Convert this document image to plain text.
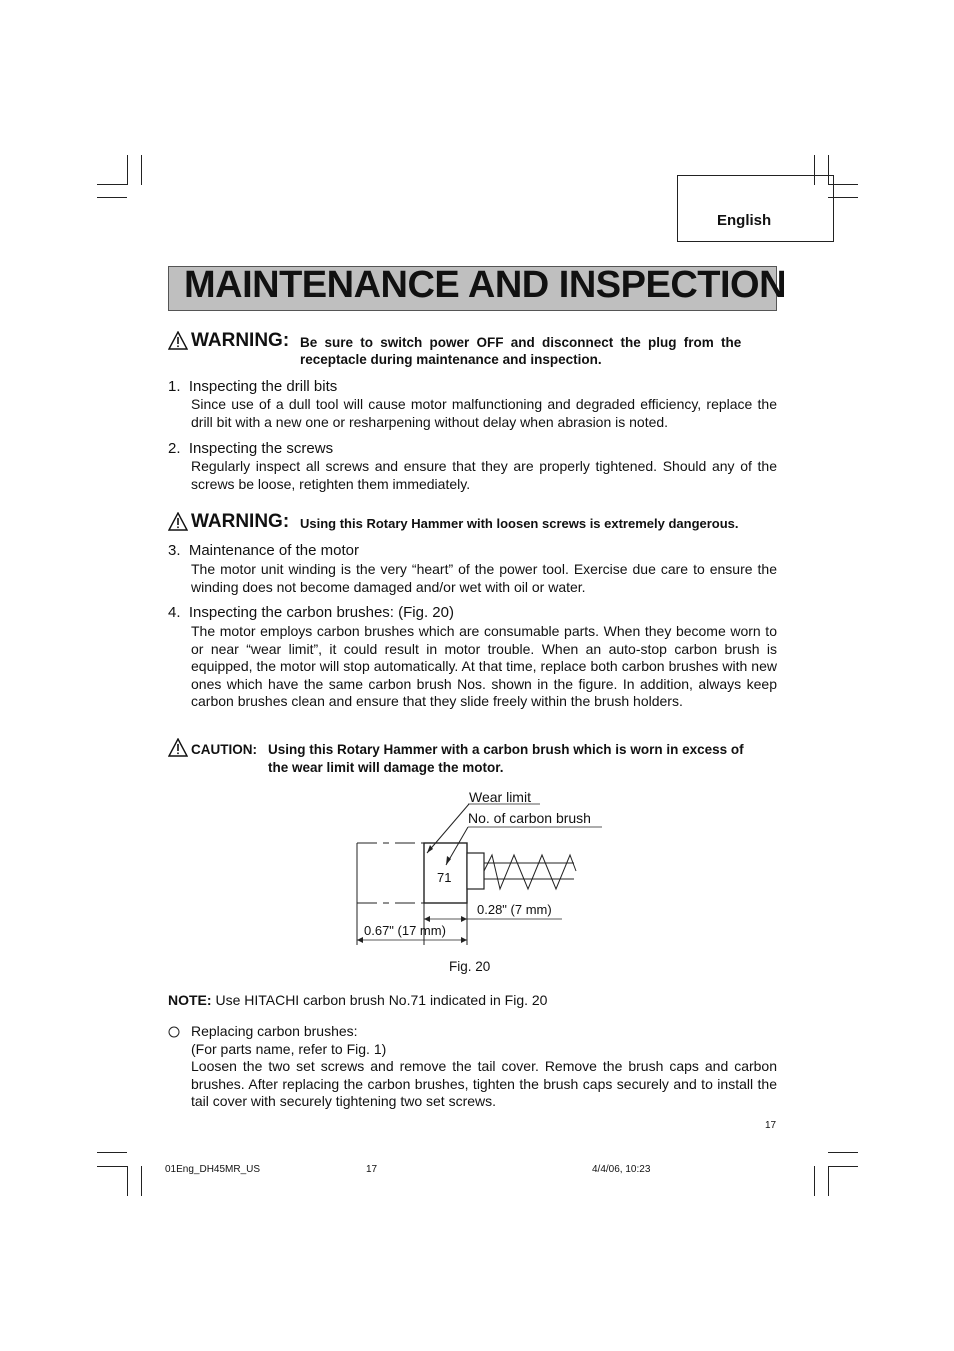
English
MAINTENANCE AND INSPECTION
WARNING: Be sure to switch power OFF and disconnect the plug from the
receptacle during maintenance and inspection.
1.  Inspecting the drill bits
Since use of a dull tool will cause motor malfunctioning and degraded efficiency, replace the drill bit with a new one or resharpening without delay when abrasion is noted.
2.  Inspecting the screws
Regularly inspect all screws and ensure that they are properly tightened. Should any of the screws be loose, retighten them immediately.
WARNING: Using this Rotary Hammer with loosen screws is extremely dangerous.
3.  Maintenance of the motor
The motor unit winding is the very “heart” of the power tool. Exercise due care to ensure the winding does not become damaged and/or wet with oil or water.
4.  Inspecting the carbon brushes: (Fig. 20)
The motor employs carbon brushes which are consumable parts. When they become worn to or near “wear limit”, it could result in motor trouble. When an auto-stop carbon brush is equipped, the motor will stop automatically. At that time, replace both carbon brushes with new ones which have the same carbon brush Nos. shown in the figure. In addition, always keep carbon brushes clean and ensure that they slide freely within the brush holders.
CAUTION: Using this Rotary Hammer with a carbon brush which is worn in excess of
the wear limit will damage the motor.
Wear limit
No. of carbon brush
71
0.28" (7 mm)
0.67" (17 mm)
Fig. 20
NOTE: Use HITACHI carbon brush No.71 indicated in Fig. 20
Replacing carbon brushes:
(For parts name, refer to Fig. 1)
Loosen the two set screws and remove the tail cover. Remove the brush caps and carbon brushes. After replacing the carbon brushes, tighten the brush caps securely and to install the tail cover with securely tightening two set screws.
17
01Eng_DH45MR_US	17	4/4/06, 10:23
